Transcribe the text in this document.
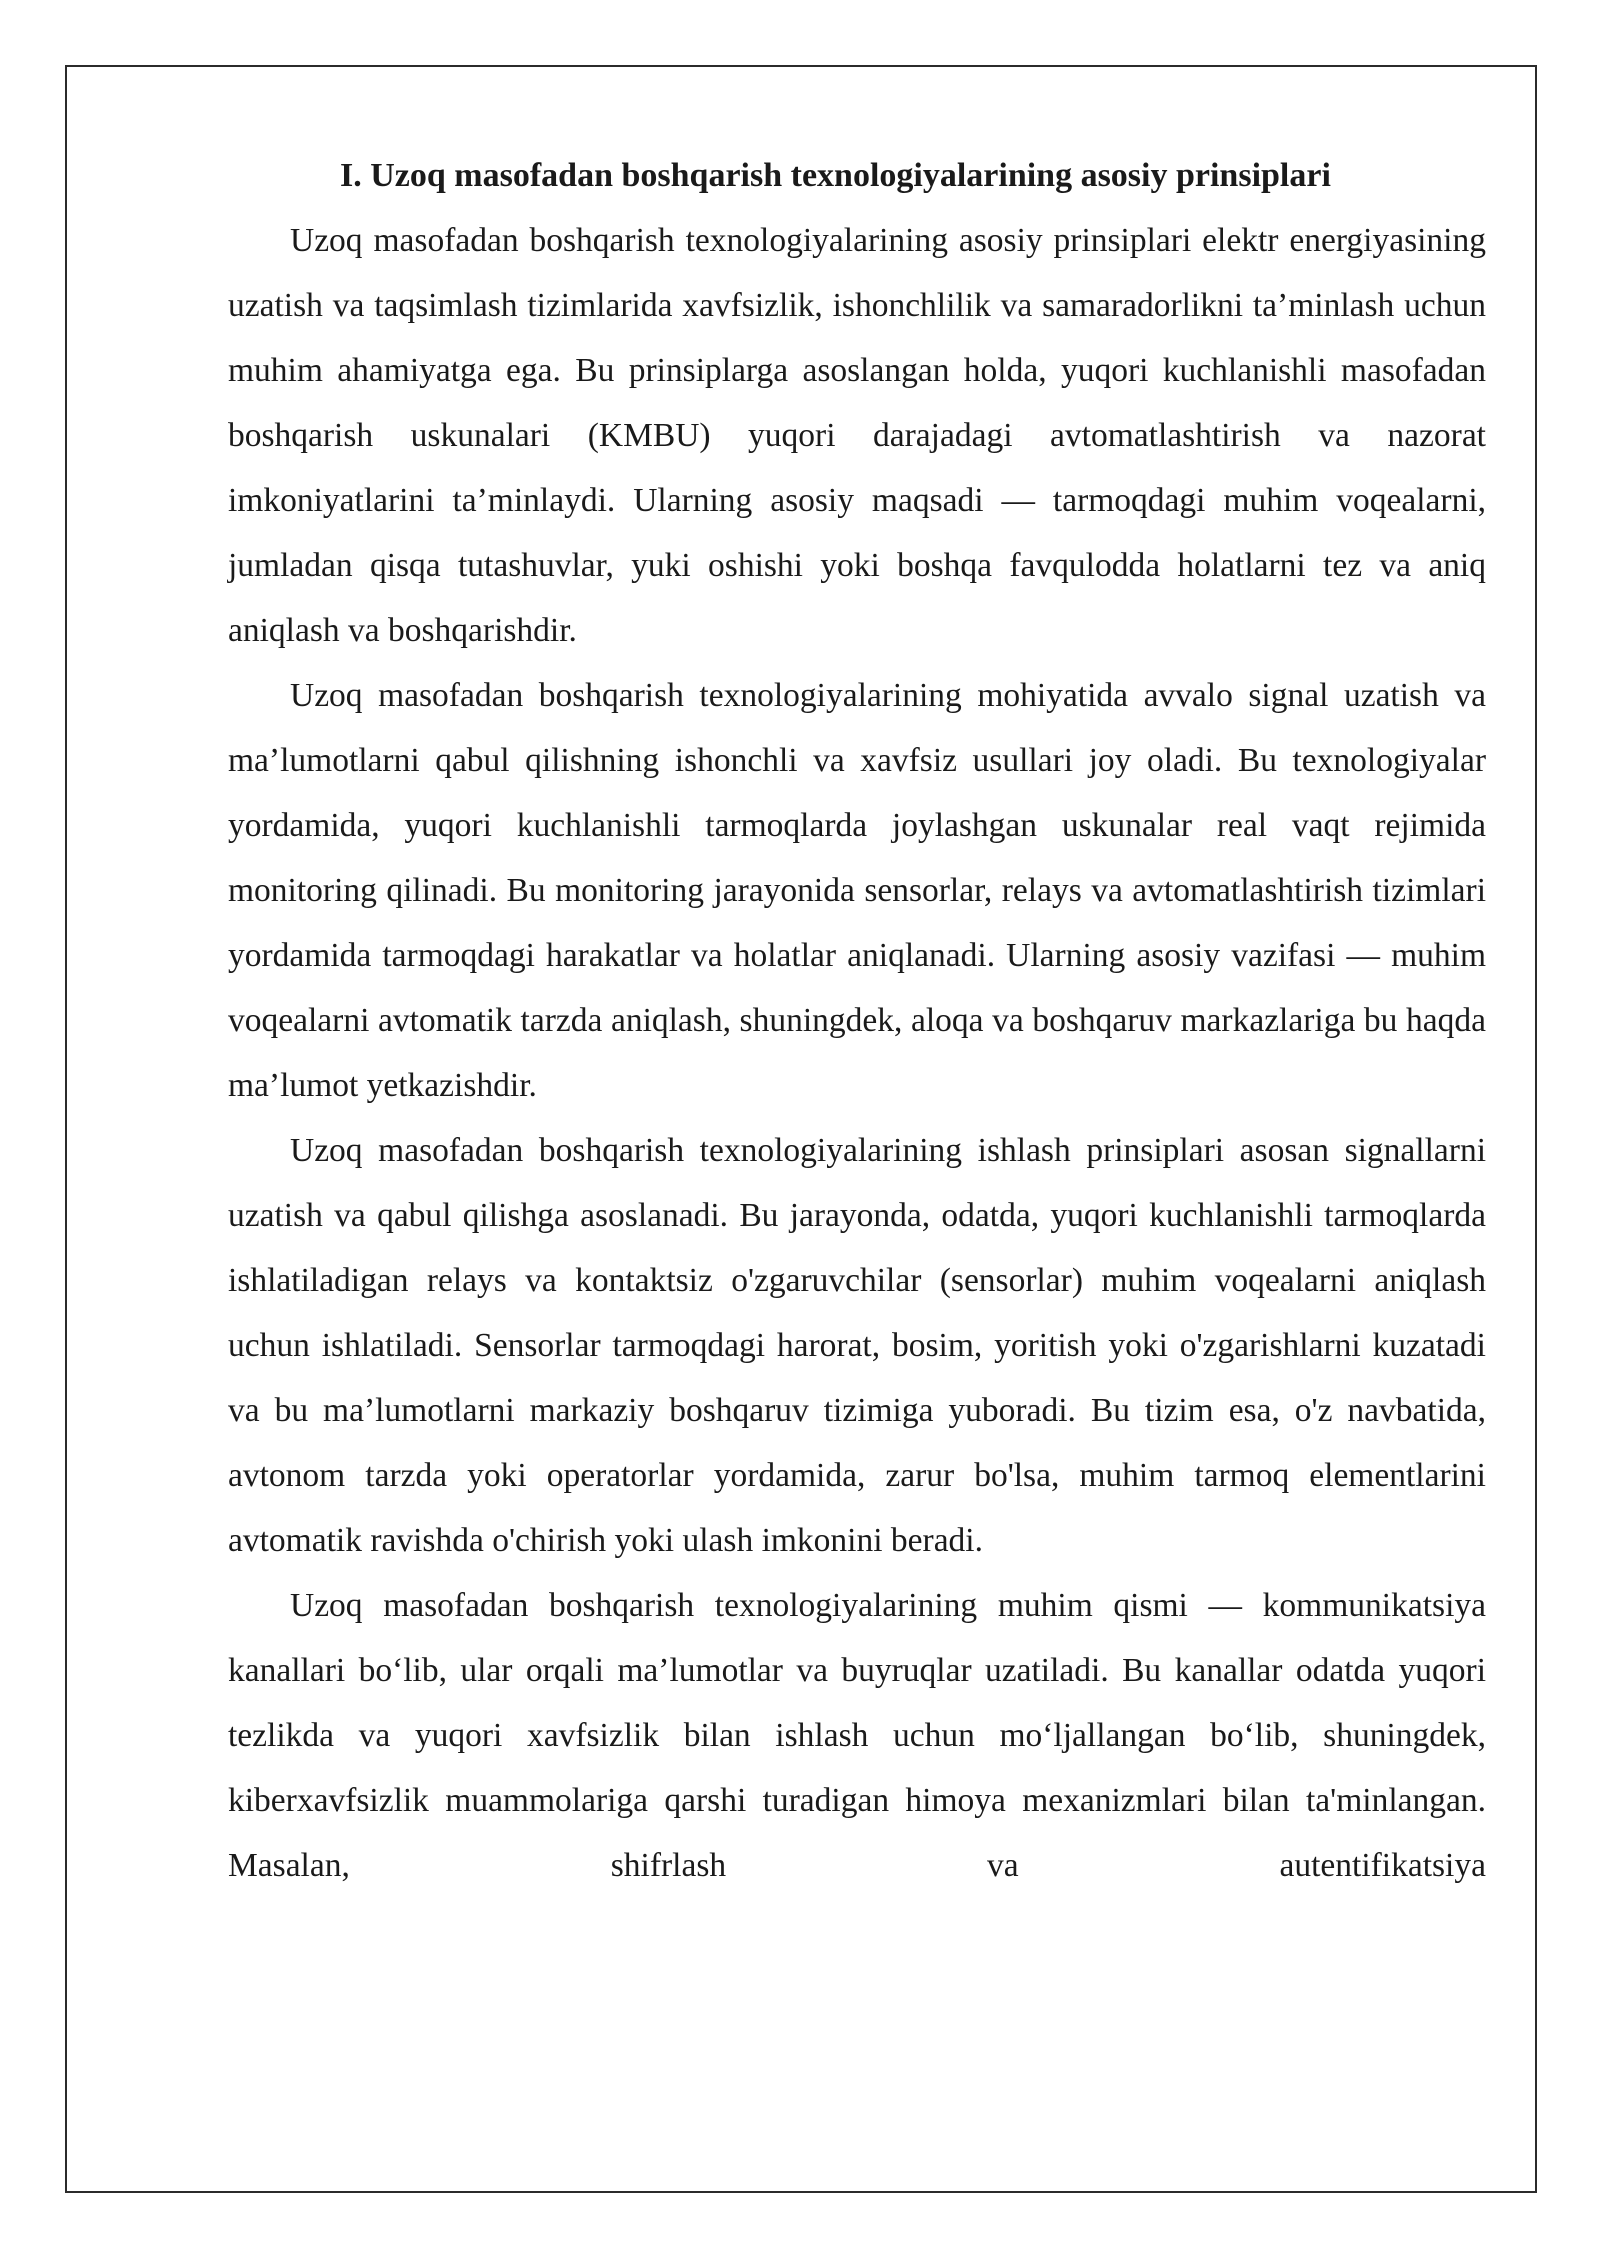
I. Uzoq masofadan boshqarish texnologiyalarining asosiy prinsiplari

Uzoq masofadan boshqarish texnologiyalarining asosiy prinsiplari elektr energiyasining uzatish va taqsimlash tizimlarida xavfsizlik, ishonchlilik va samaradorlikni ta’minlash uchun muhim ahamiyatga ega. Bu prinsiplarga asoslangan holda, yuqori kuchlanishli masofadan boshqarish uskunalari (KMBU) yuqori darajadagi avtomatlashtirish va nazorat imkoniyatlarini ta’minlaydi. Ularning asosiy maqsadi — tarmoqdagi muhim voqealarni, jumladan qisqa tutashuvlar, yuki oshishi yoki boshqa favqulodda holatlarni tez va aniq aniqlash va boshqarishdir.

Uzoq masofadan boshqarish texnologiyalarining mohiyatida avvalo signal uzatish va ma’lumotlarni qabul qilishning ishonchli va xavfsiz usullari joy oladi. Bu texnologiyalar yordamida, yuqori kuchlanishli tarmoqlarda joylashgan uskunalar real vaqt rejimida monitoring qilinadi. Bu monitoring jarayonida sensorlar, relays va avtomatlashtirish tizimlari yordamida tarmoqdagi harakatlar va holatlar aniqlanadi. Ularning asosiy vazifasi — muhim voqealarni avtomatik tarzda aniqlash, shuningdek, aloqa va boshqaruv markazlariga bu haqda ma’lumot yetkazishdir.

Uzoq masofadan boshqarish texnologiyalarining ishlash prinsiplari asosan signallarni uzatish va qabul qilishga asoslanadi. Bu jarayonda, odatda, yuqori kuchlanishli tarmoqlarda ishlatiladigan relays va kontaktsiz o'zgaruvchilar (sensorlar) muhim voqealarni aniqlash uchun ishlatiladi. Sensorlar tarmoqdagi harorat, bosim, yoritish yoki o'zgarishlarni kuzatadi va bu ma’lumotlarni markaziy boshqaruv tizimiga yuboradi. Bu tizim esa, o'z navbatida, avtonom tarzda yoki operatorlar yordamida, zarur bo'lsa, muhim tarmoq elementlarini avtomatik ravishda o'chirish yoki ulash imkonini beradi.

Uzoq masofadan boshqarish texnologiyalarining muhim qismi — kommunikatsiya kanallari bo‘lib, ular orqali ma’lumotlar va buyruqlar uzatiladi. Bu kanallar odatda yuqori tezlikda va yuqori xavfsizlik bilan ishlash uchun mo‘ljallangan bo‘lib, shuningdek, kiberxavfsizlik muammolariga qarshi turadigan himoya mexanizmlari bilan ta'minlangan. Masalan, shifrlash va autentifikatsiya
